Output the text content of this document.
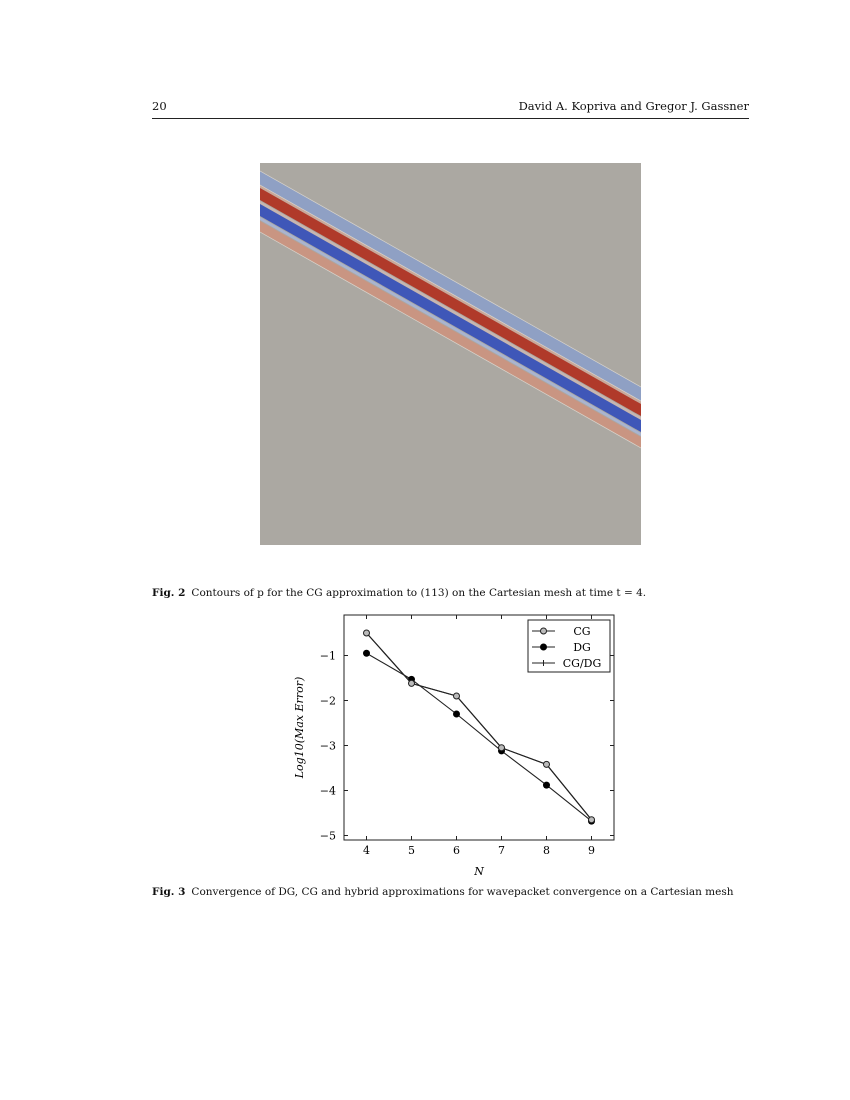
20	David A. Kopriva and Gregor J. Gassner
Fig. 2 Contours of p for the CG approximation to (113) on the Cartesian mesh at time t = 4.
4	5	6	7	8	9
−1
−2
−3
−4
−5
N
Log10(Max Error)
CG
DG
CG/DG
Fig. 3 Convergence of DG, CG and hybrid approximations for wavepacket convergence on a Cartesian mesh
